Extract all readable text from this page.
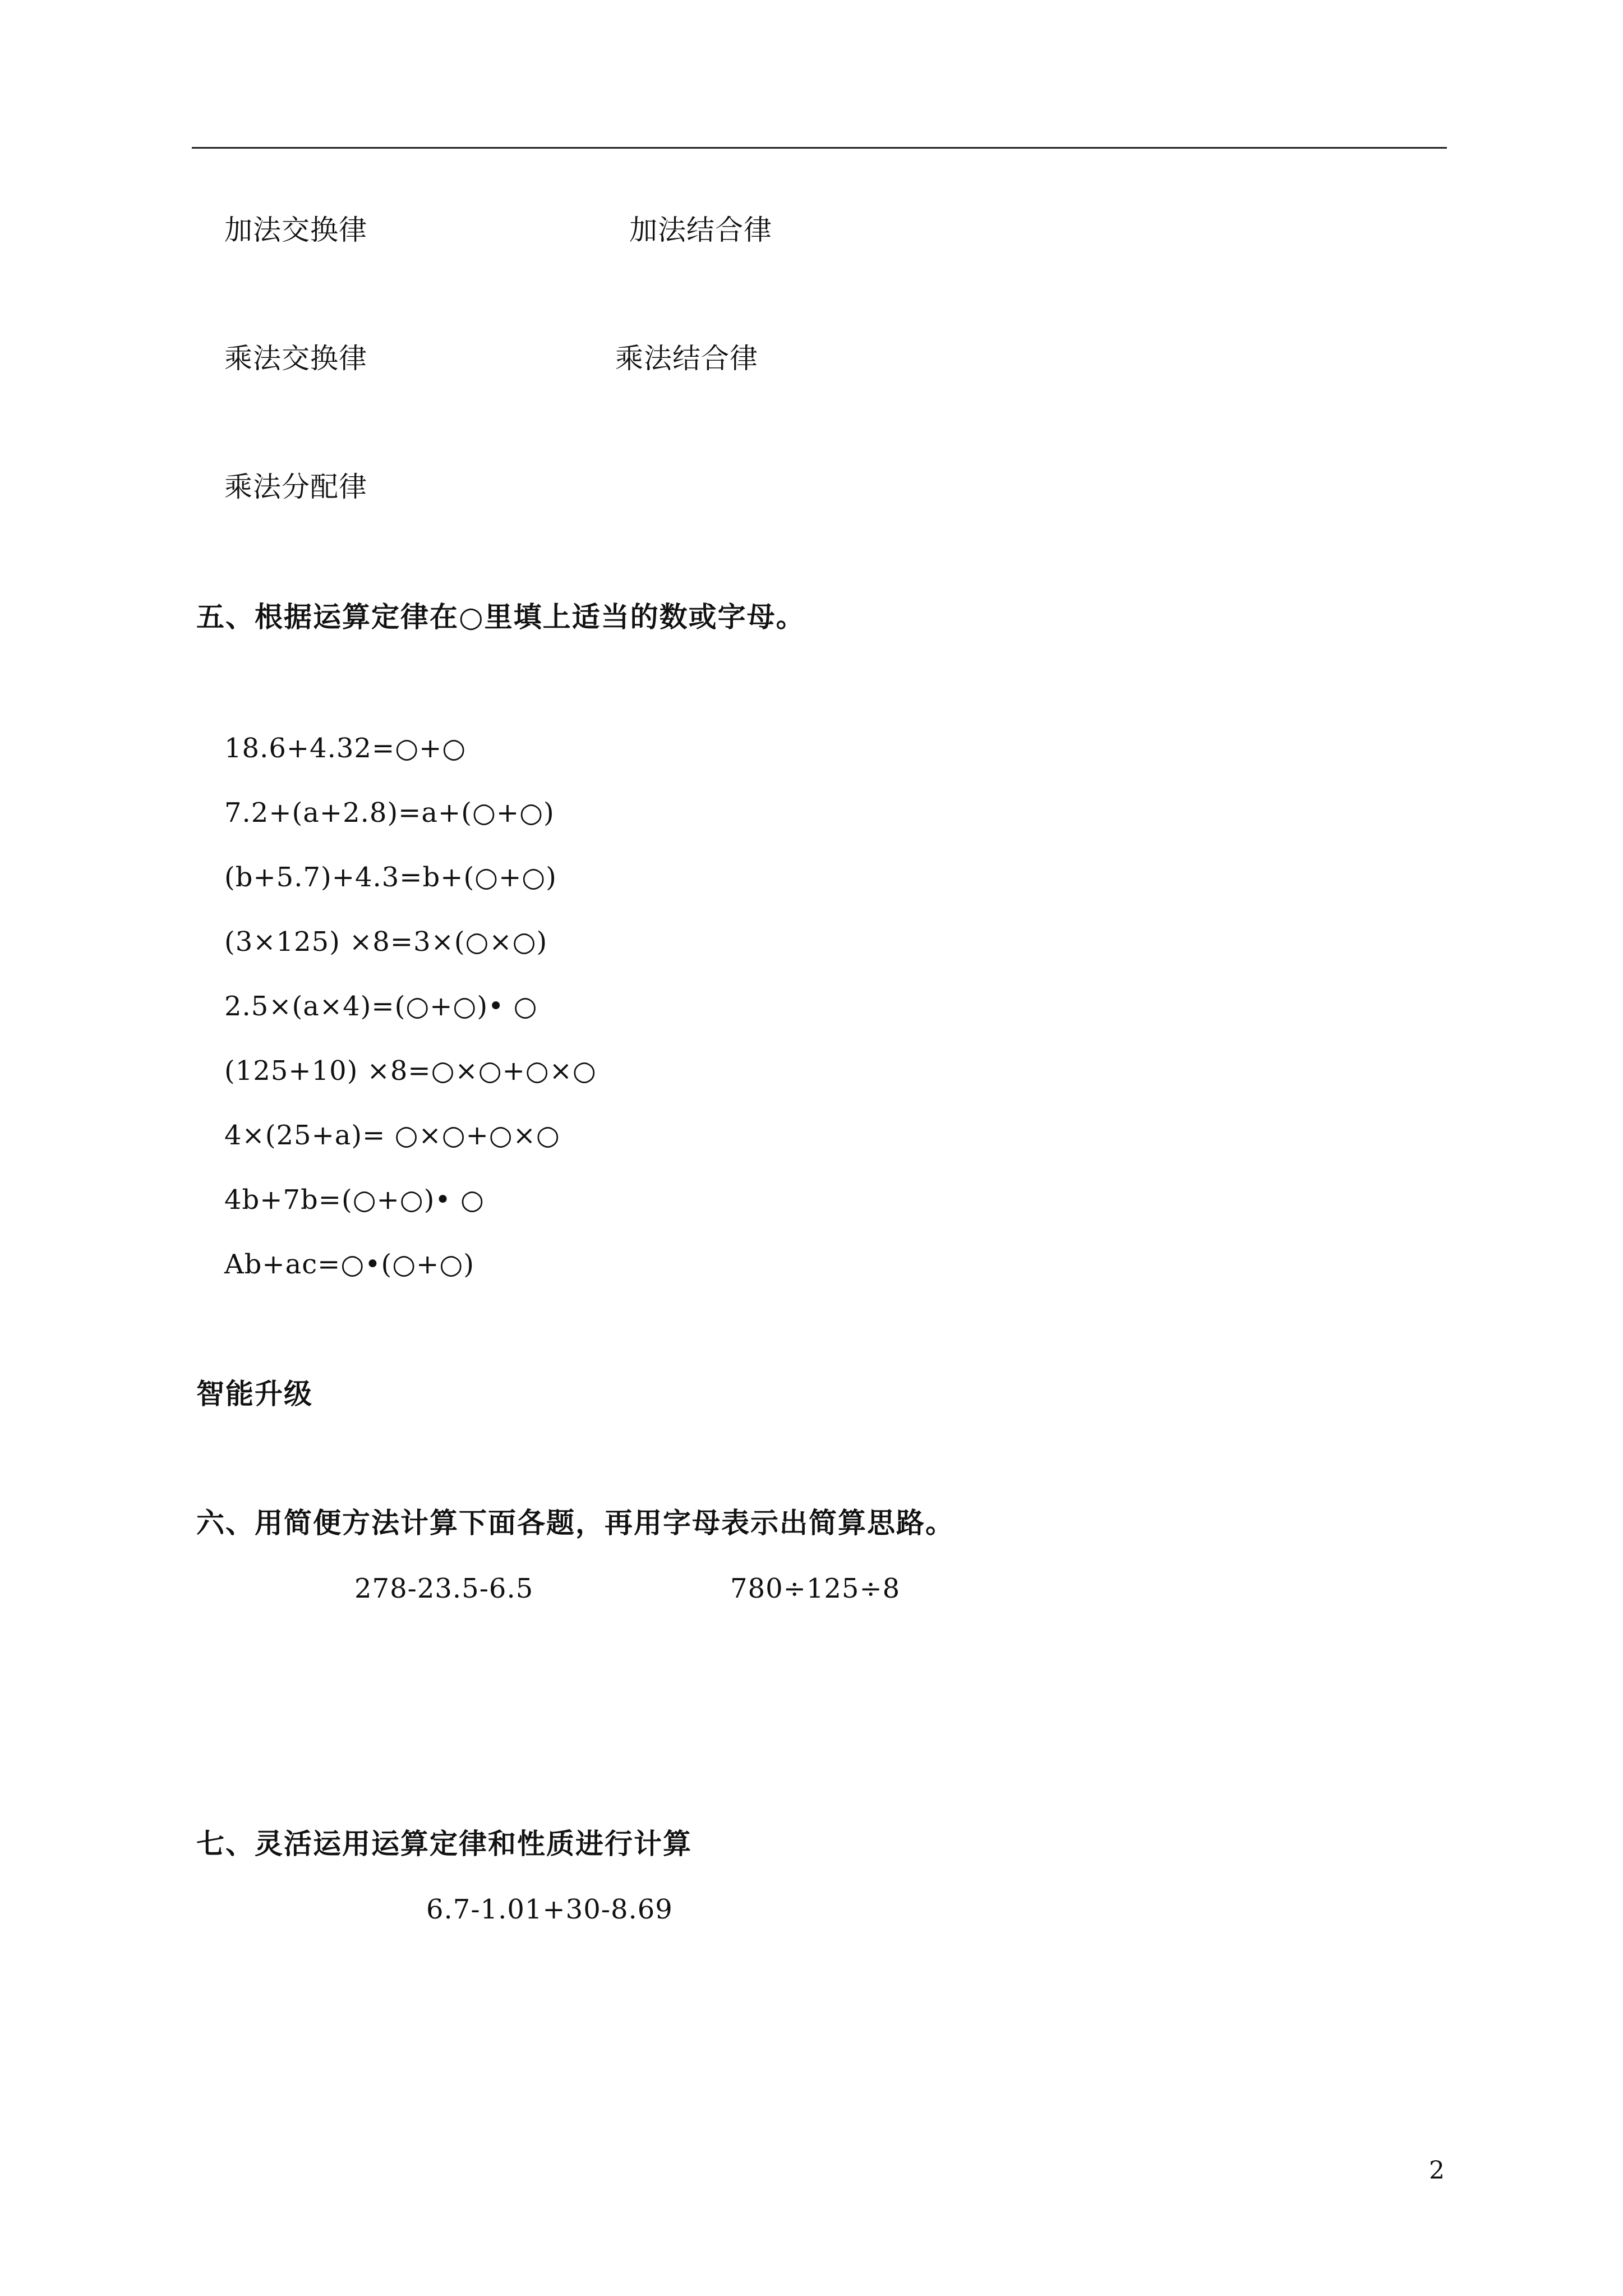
加法交换律	加法结合律
乘法交换律	乘法结合律
乘法分配律
五、根据运算定律在○里填上适当的数或字母。
18.6+4.32=○+○
7.2+(a+2.8)=a+(○+○)
(b+5.7)+4.3=b+(○+○)
(3×125) ×8=3×(○×○)
2.5×(a×4)=(○+○)• ○
(125+10) ×8=○×○+○×○
4×(25+a)= ○×○+○×○
4b+7b=(○+○)• ○
Ab+ac=○•(○+○)
智能升级
六、用简便方法计算下面各题，再用字母表示出简算思路。
278-23.5-6.5	780÷125÷8
七、灵活运用运算定律和性质进行计算
6.7-1.01+30-8.69
2
